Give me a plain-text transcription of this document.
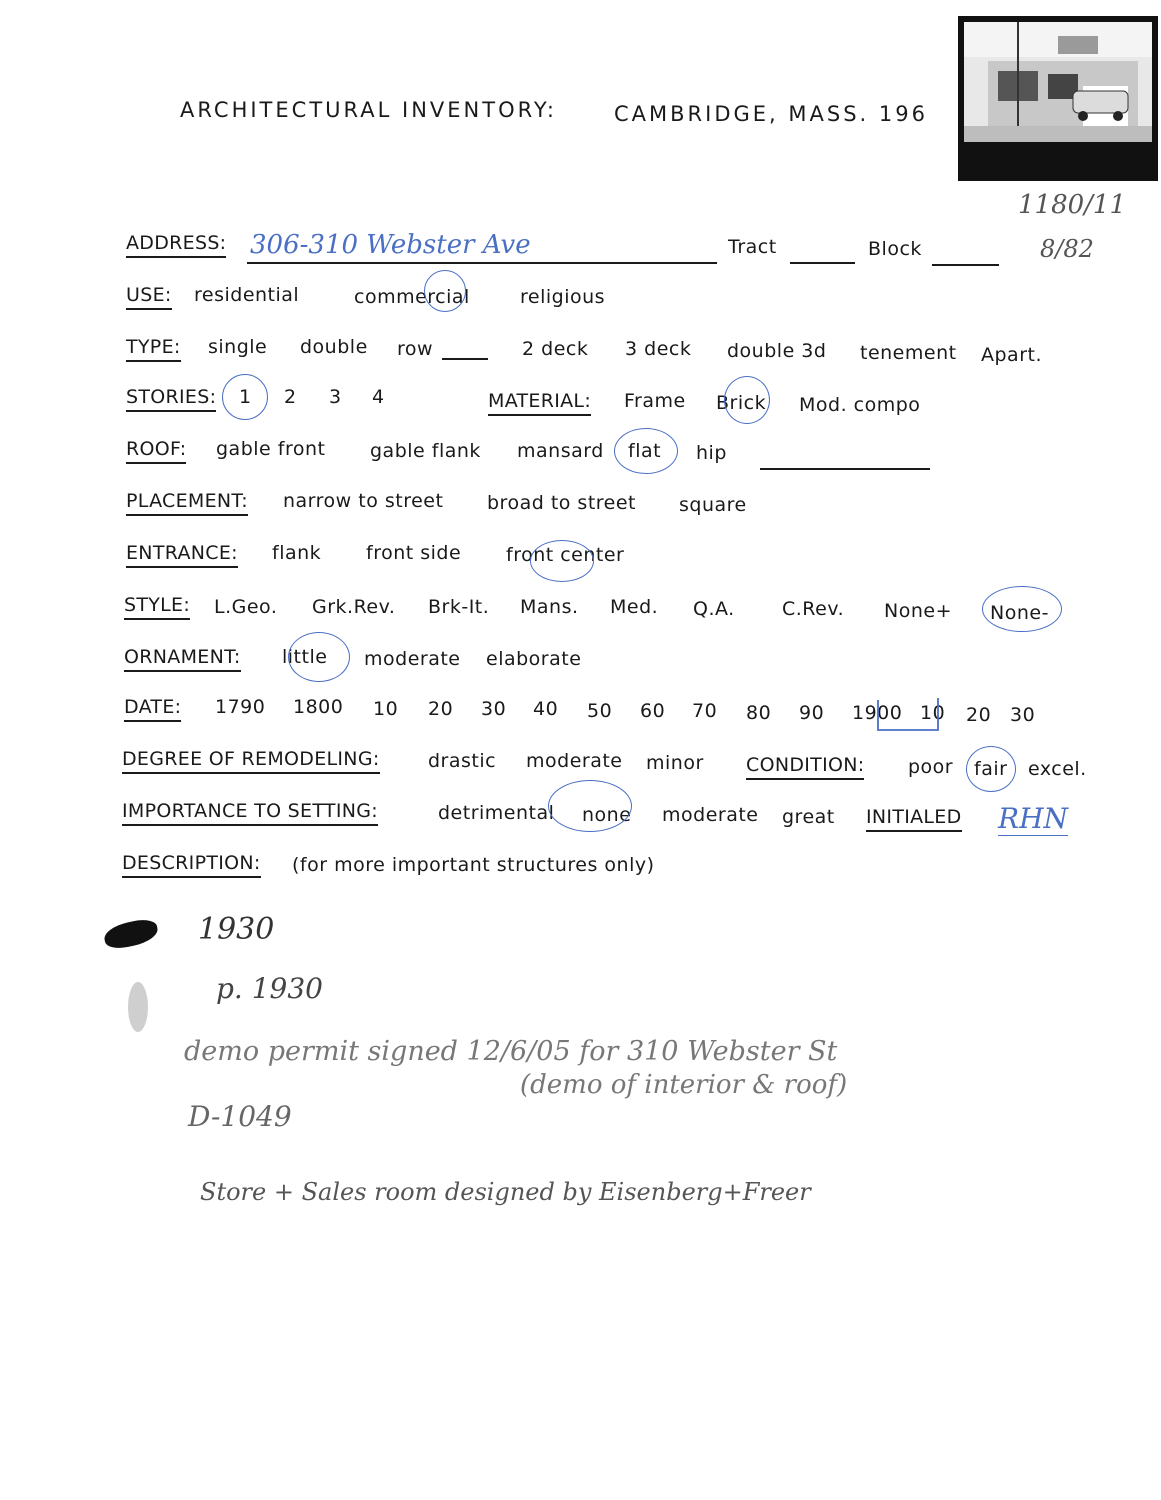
ARCHITECTURAL INVENTORY:	CAMBRIDGE, MASS. 196
1180/11
8/82
ADDRESS: 306-310 Webster Ave	Tract	Block
USE: residential	commercial	religious
TYPE: single double row	2 deck 3 deck double 3d tenement Apart.
STORIES: 1 2 3 4	MATERIAL: Frame Brick Mod. compo
ROOF: gable front gable flank mansard flat hip
PLACEMENT: narrow to street broad to street square
ENTRANCE: flank front side front center
STYLE: L.Geo. Grk.Rev. Brk-It. Mans. Med. Q.A. C.Rev. None+ None-
ORNAMENT: little moderate elaborate
DATE: 1790 1800 10 20 30 40 50 60 70 80 90 1900 10 20 30
DEGREE OF REMODELING:	drastic moderate minor CONDITION: poor fair excel.
IMPORTANCE TO SETTING:	detrimental none moderate great INITIALED RHN
DESCRIPTION: (for more important structures only)
1930
p. 1930
demo permit signed 12/6/05 for 310 Webster St
(demo of interior & roof)
D-1049
Store + Sales room designed by Eisenberg+Freer
